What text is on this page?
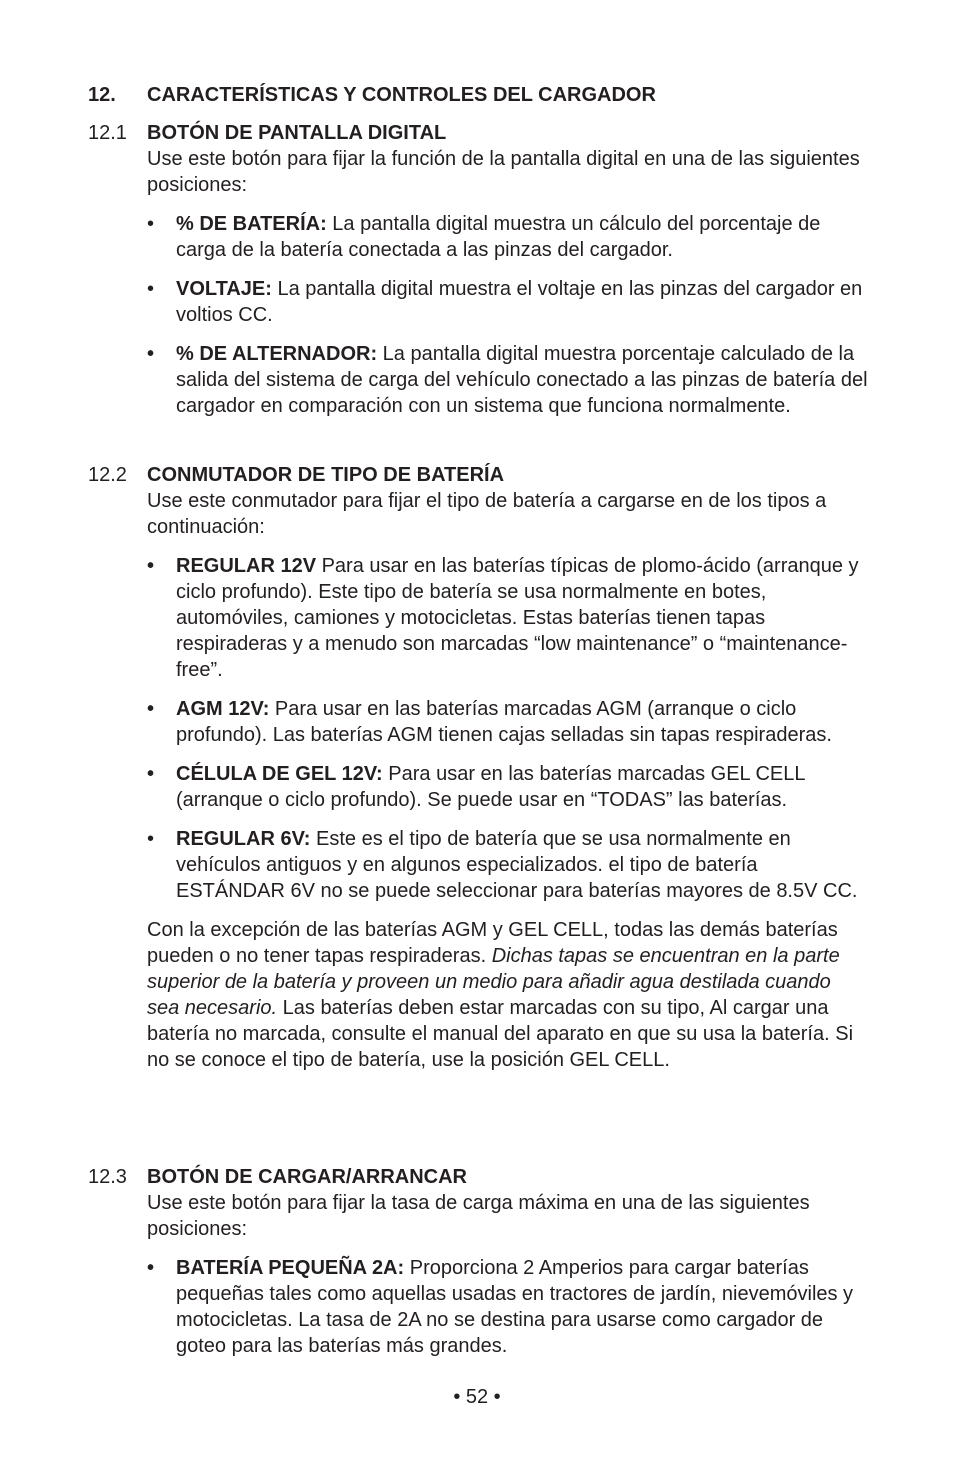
12. CARACTERÍSTICAS Y CONTROLES DEL CARGADOR
12.1 BOTÓN DE PANTALLA DIGITAL
Use este botón para fijar la función de la pantalla digital en una de las siguientes posiciones:
• % DE BATERÍA: La pantalla digital muestra un cálculo del porcentaje de carga de la batería conectada a las pinzas del cargador.
• VOLTAJE: La pantalla digital muestra el voltaje en las pinzas del cargador en voltios CC.
• % DE ALTERNADOR: La pantalla digital muestra porcentaje calculado de la salida del sistema de carga del vehículo conectado a las pinzas de batería del cargador en comparación con un sistema que funciona normalmente.
12.2 CONMUTADOR DE TIPO DE BATERÍA
Use este conmutador para fijar el tipo de batería a cargarse en de los tipos a continuación:
• REGULAR 12V Para usar en las baterías típicas de plomo-ácido (arranque y ciclo profundo). Este tipo de batería se usa normalmente en botes, automóviles, camiones y motocicletas. Estas baterías tienen tapas respiraderas y a menudo son marcadas “low maintenance” o “maintenance-free”.
• AGM 12V: Para usar en las baterías marcadas AGM (arranque o ciclo profundo). Las baterías AGM tienen cajas selladas sin tapas respiraderas.
• CÉLULA DE GEL 12V: Para usar en las baterías marcadas GEL CELL (arranque o ciclo profundo). Se puede usar en “TODAS” las baterías.
• REGULAR 6V: Este es el tipo de batería que se usa normalmente en vehículos antiguos y en algunos especializados. el tipo de batería ESTÁNDAR 6V no se puede seleccionar para baterías mayores de 8.5V CC.
Con la excepción de las baterías AGM y GEL CELL, todas las demás baterías pueden o no tener tapas respiraderas. Dichas tapas se encuentran en la parte superior de la batería y proveen un medio para añadir agua destilada cuando sea necesario. Las baterías deben estar marcadas con su tipo, Al cargar una batería no marcada, consulte el manual del aparato en que su usa la batería. Si no se conoce el tipo de batería, use la posición GEL CELL.
12.3 BOTÓN DE CARGAR/ARRANCAR
Use este botón para fijar la tasa de carga máxima en una de las siguientes posiciones:
• BATERÍA PEQUEÑA 2A: Proporciona 2 Amperios para cargar baterías pequeñas tales como aquellas usadas en tractores de jardín, nievemóviles y motocicletas. La tasa de 2A no se destina para usarse como cargador de goteo para las baterías más grandes.
• 52 •
